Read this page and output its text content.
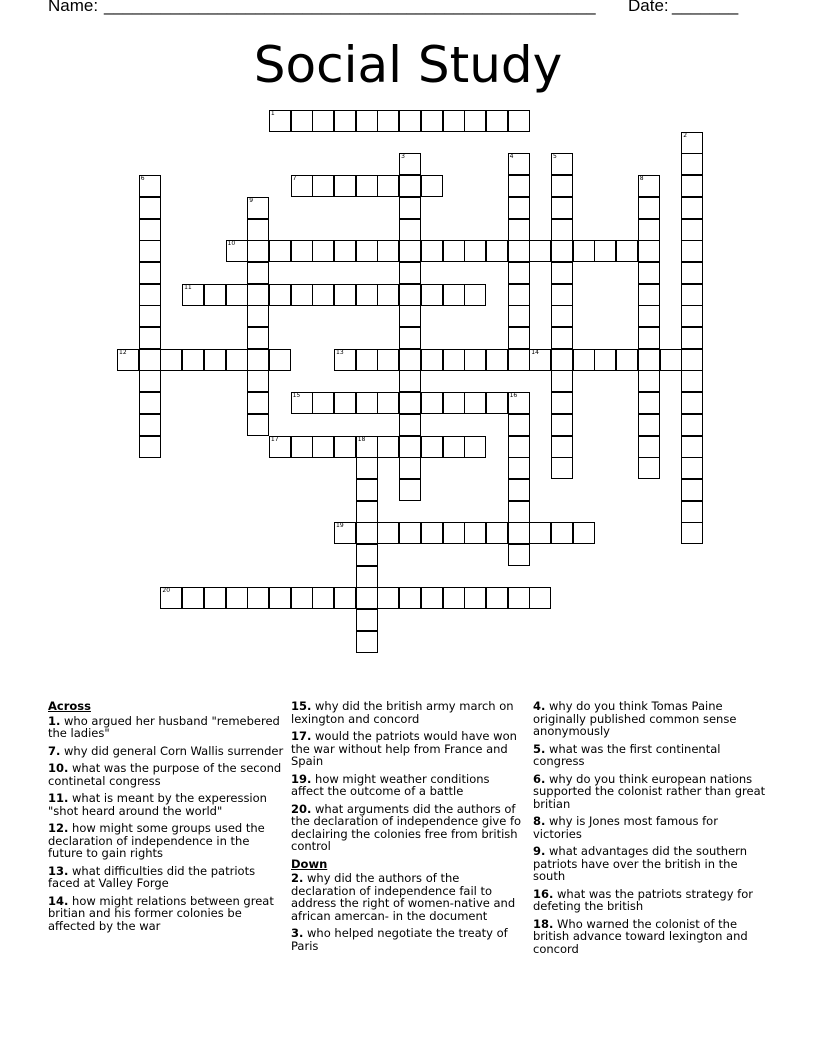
Name: ____________________________________________________ Date: _______
Social Study
1
7
10
11
12	13	14
15	16
17	18
19
20
2
3	4	5
6	8
9
Across
1. who argued her husband "remebered the ladies"
7. why did general Corn Wallis surrender
10. what was the purpose of the second continetal congress
11. what is meant by the experession "shot heard around the world"
12. how might some groups used the declaration of independence in the future to gain rights
13. what difficulties did the patriots faced at Valley Forge
14. how might relations between great britian and his former colonies be affected by the war
15. why did the british army march on lexington and concord
17. would the patriots would have won the war without help from France and Spain
19. how might weather conditions affect the outcome of a battle
20. what arguments did the authors of the declaration of independence give fo declairing the colonies free from british control
Down
2. why did the authors of the declaration of independence fail to address the right of women-native and african amercan- in the document
3. who helped negotiate the treaty of Paris
4. why do you think Tomas Paine originally published common sense anonymously
5. what was the first continental congress
6. why do you think european nations supported the colonist rather than great britian
8. why is Jones most famous for victories
9. what advantages did the southern patriots have over the british in the south
16. what was the patriots strategy for defeting the british
18. Who warned the colonist of the british advance toward lexington and concord
